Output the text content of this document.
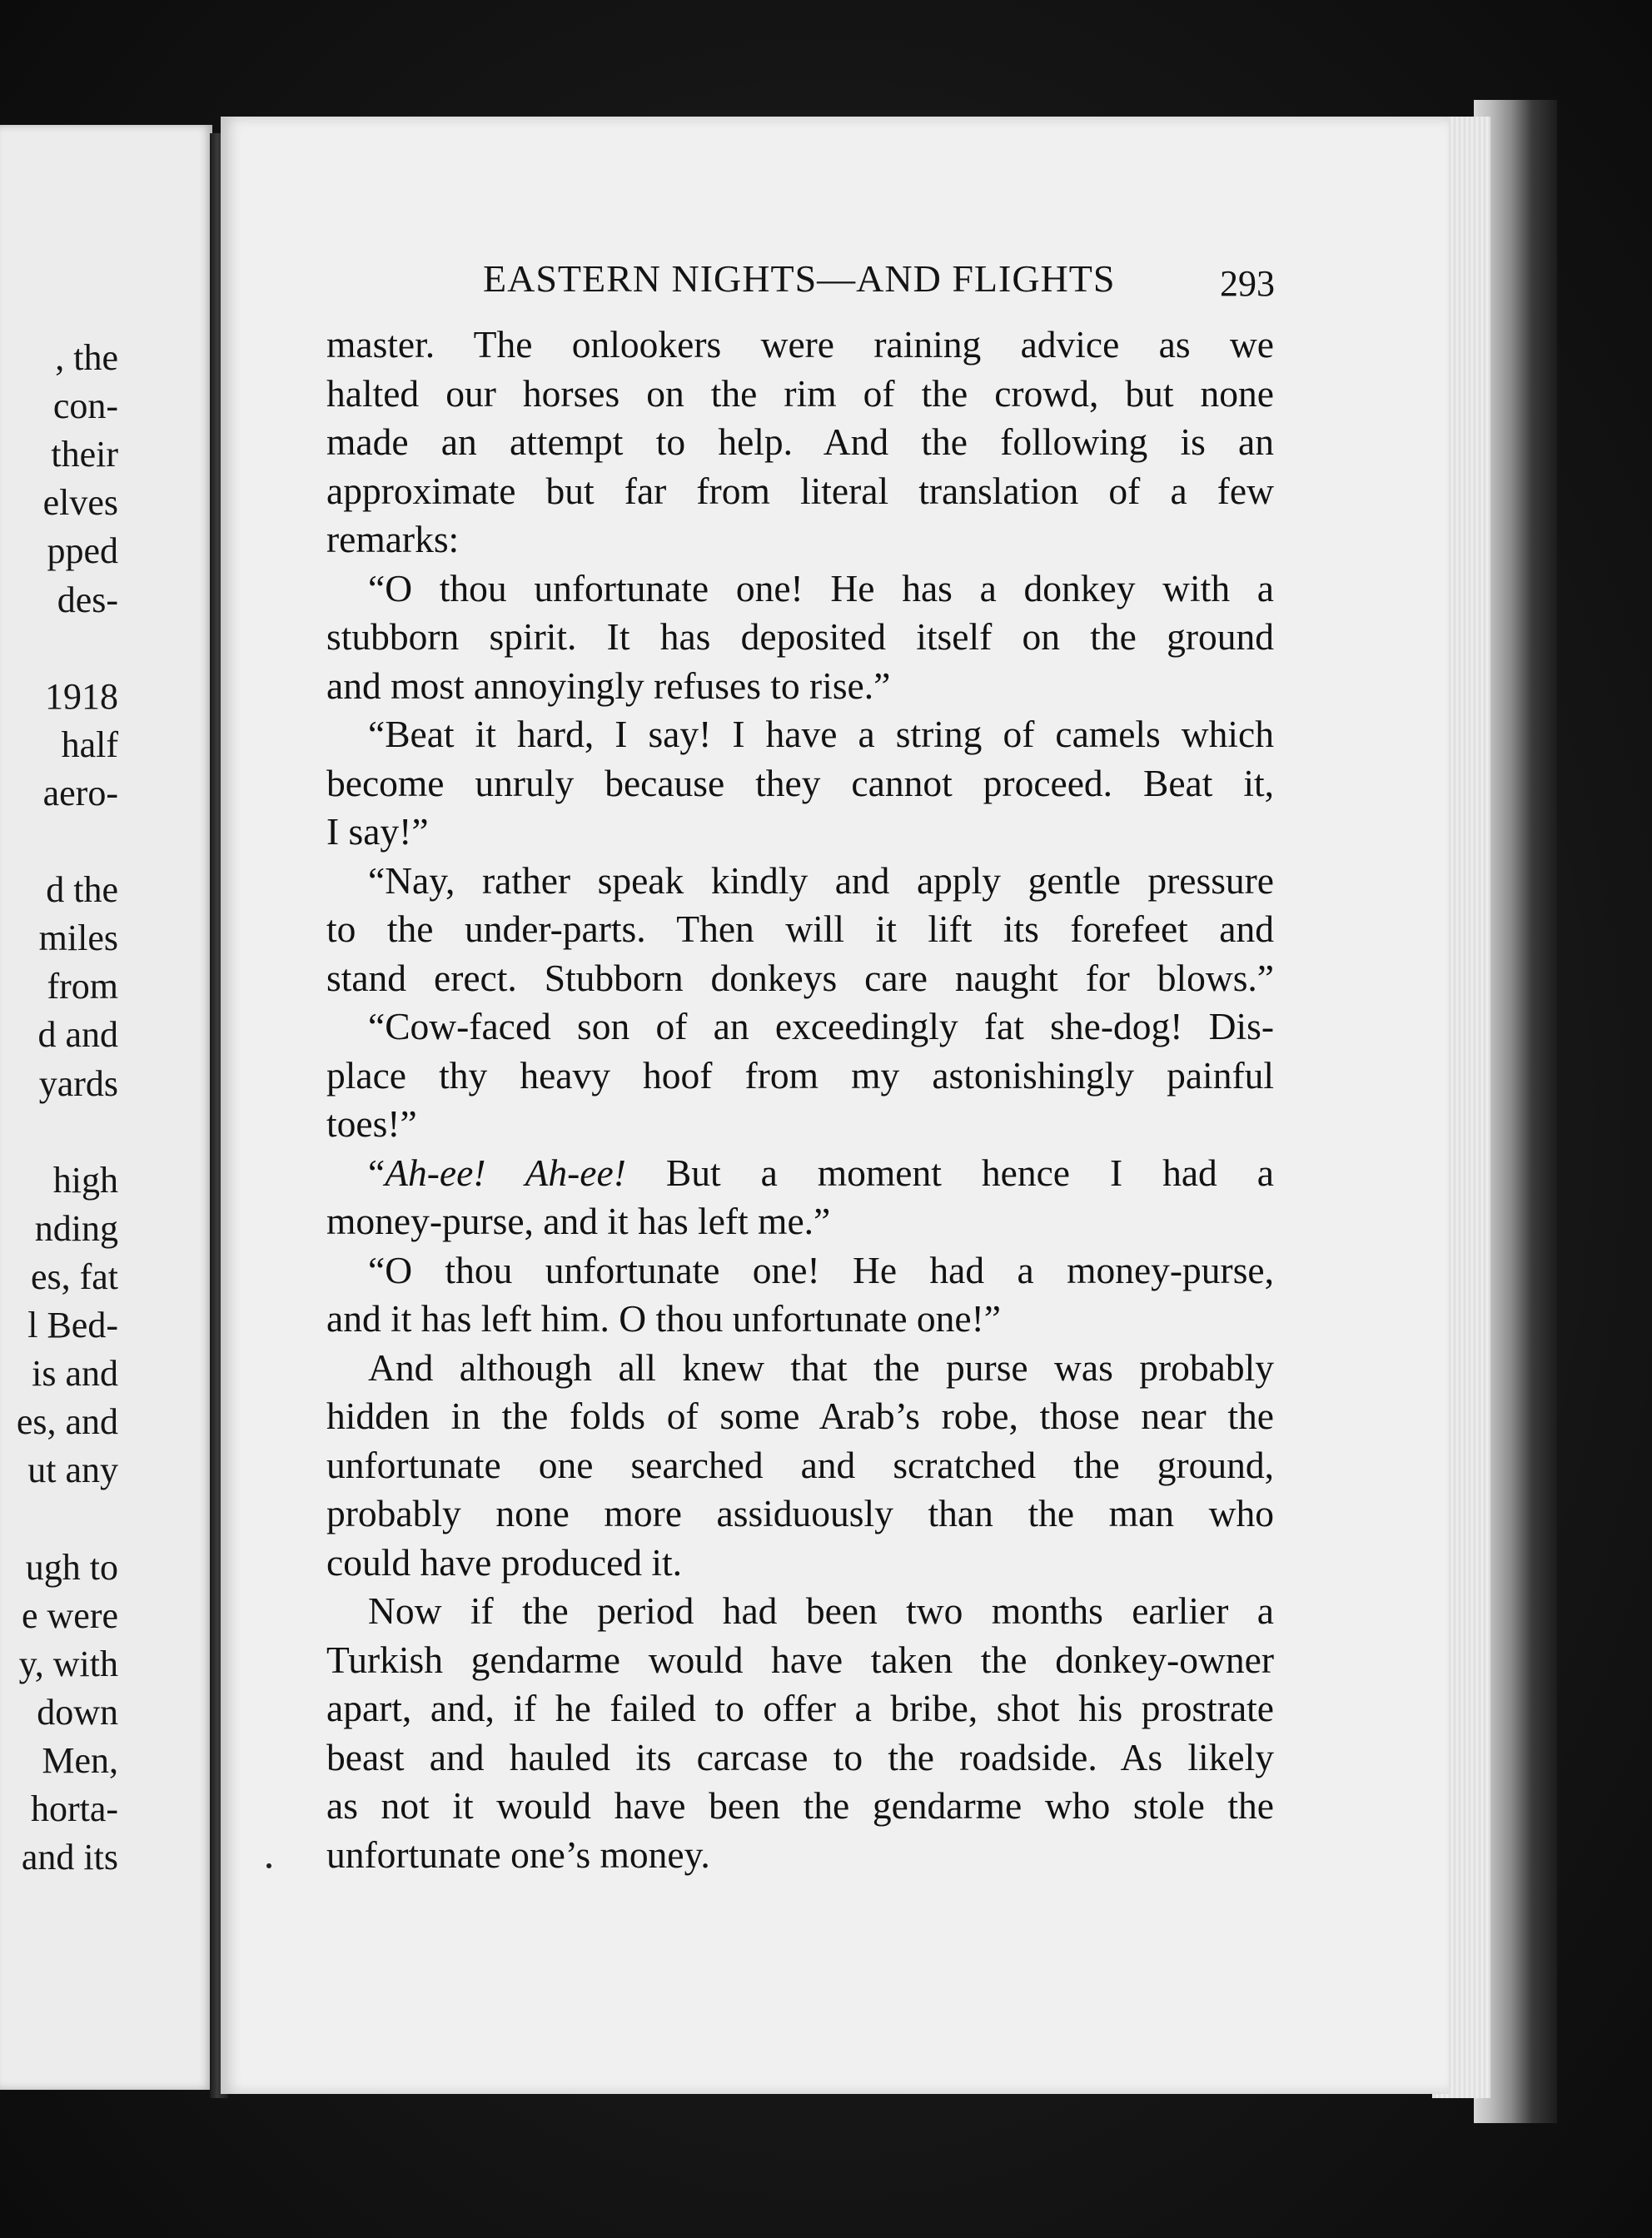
, the
con-
their
elves
pped
des-
1918
half
aero-
d the
miles
from
d and
yards
high
nding
es, fat
l Bed-
is and
es, and
ut any
ugh to
e were
y, with
down
Men,
horta-
and its
EASTERN NIGHTS—AND FLIGHTS	293
master. The onlookers were raining advice as we
halted our horses on the rim of the crowd, but none
made an attempt to help. And the following is an
approximate but far from literal translation of a few
remarks:
“O thou unfortunate one! He has a donkey with a
stubborn spirit. It has deposited itself on the ground
and most annoyingly refuses to rise.”
“Beat it hard, I say! I have a string of camels which
become unruly because they cannot proceed. Beat it,
I say!”
“Nay, rather speak kindly and apply gentle pressure
to the under-parts. Then will it lift its forefeet and
stand erect. Stubborn donkeys care naught for blows.”
“Cow-faced son of an exceedingly fat she-dog! Dis-
place thy heavy hoof from my astonishingly painful
toes!”
“Ah-ee! Ah-ee! But a moment hence I had a
money-purse, and it has left me.”
“O thou unfortunate one! He had a money-purse,
and it has left him. O thou unfortunate one!”
And although all knew that the purse was probably
hidden in the folds of some Arab’s robe, those near the
unfortunate one searched and scratched the ground,
probably none more assiduously than the man who
could have produced it.
Now if the period had been two months earlier a
Turkish gendarme would have taken the donkey-owner
apart, and, if he failed to offer a bribe, shot his prostrate
beast and hauled its carcase to the roadside. As likely
as not it would have been the gendarme who stole the
unfortunate one’s money.
